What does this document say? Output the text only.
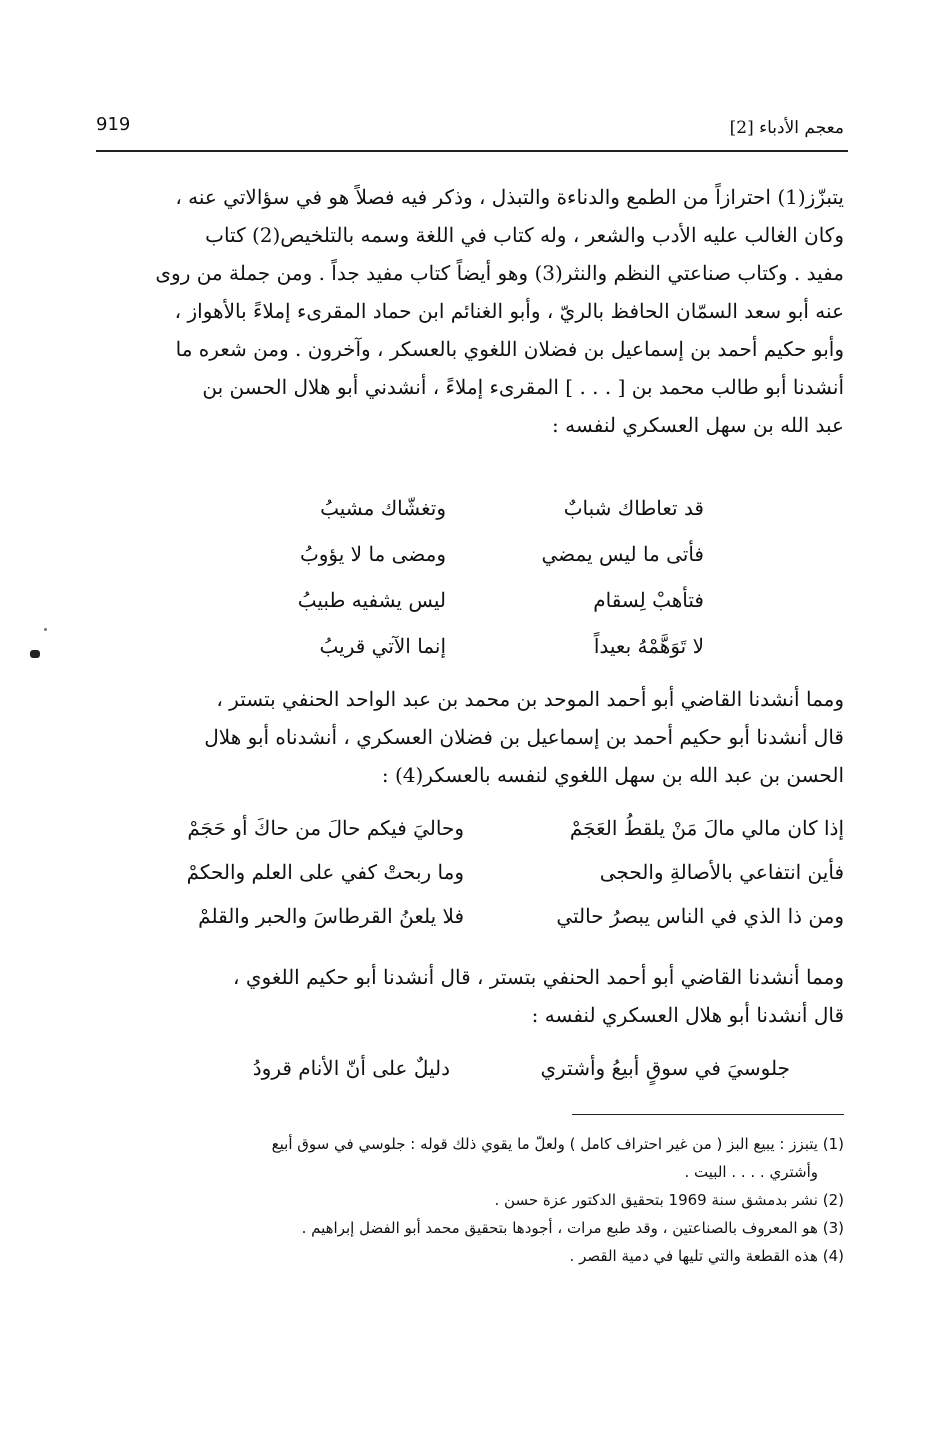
معجم الأدباء [2]
919
يتبزّز(1) احترازاً من الطمع والدناءة والتبذل ، وذكر فيه فصلاً هو في سؤالاتي عنه ،
وكان الغالب عليه الأدب والشعر ، وله كتاب في اللغة وسمه بالتلخيص(2) كتاب
مفيد . وكتاب صناعتي النظم والنثر(3) وهو أيضاً كتاب مفيد جداً . ومن جملة من روى
عنه أبو سعد السمّان الحافظ بالريّ ، وأبو الغنائم ابن حماد المقرىء إملاءً بالأهواز ،
وأبو حكيم أحمد بن إسماعيل بن فضلان اللغوي بالعسكر ، وآخرون . ومن شعره ما
أنشدنا أبو طالب محمد بن [ . . . ] المقرىء إملاءً ، أنشدني أبو هلال الحسن بن
عبد الله بن سهل العسكري لنفسه :
قد تعاطاك شبابٌ
وتغشّاك مشيبُ
فأتى ما ليس يمضي
ومضى ما لا يؤوبُ
فتأهبْ لِسقام
ليس يشفيه طبيبُ
لا تَوَهَّمْهُ بعيداً
إنما الآتي قريبُ
ومما أنشدنا القاضي أبو أحمد الموحد بن محمد بن عبد الواحد الحنفي بتستر ،
قال أنشدنا أبو حكيم أحمد بن إسماعيل بن فضلان العسكري ، أنشدناه أبو هلال
الحسن بن عبد الله بن سهل اللغوي لنفسه بالعسكر(4) :
إذا كان مالي مالَ مَنْ يلقطُ العَجَمْ
وحاليَ فيكم حالَ من حاكَ أو حَجَمْ
فأين انتفاعي بالأصالةِ والحجى
وما ربحتْ كفي على العلم والحكمْ
ومن ذا الذي في الناس يبصرُ حالتي
فلا يلعنُ القرطاسَ والحبر والقلمْ
ومما أنشدنا القاضي أبو أحمد الحنفي بتستر ، قال أنشدنا أبو حكيم اللغوي ،
قال أنشدنا أبو هلال العسكري لنفسه :
جلوسيَ في سوقٍ أبيعُ وأشتري
دليلٌ على أنّ الأنام قرودُ
(1) يتبزز : يبيع البز ( من غير احتراف كامل ) ولعلّ ما يقوي ذلك قوله : جلوسي في سوق أبيع
وأشتري . . . . البيت .
(2) نشر بدمشق سنة 1969 بتحقيق الدكتور عزة حسن .
(3) هو المعروف بالصناعتين ، وقد طبع مرات ، أجودها بتحقيق محمد أبو الفضل إبراهيم .
(4) هذه القطعة والتي تليها في دمية القصر .
